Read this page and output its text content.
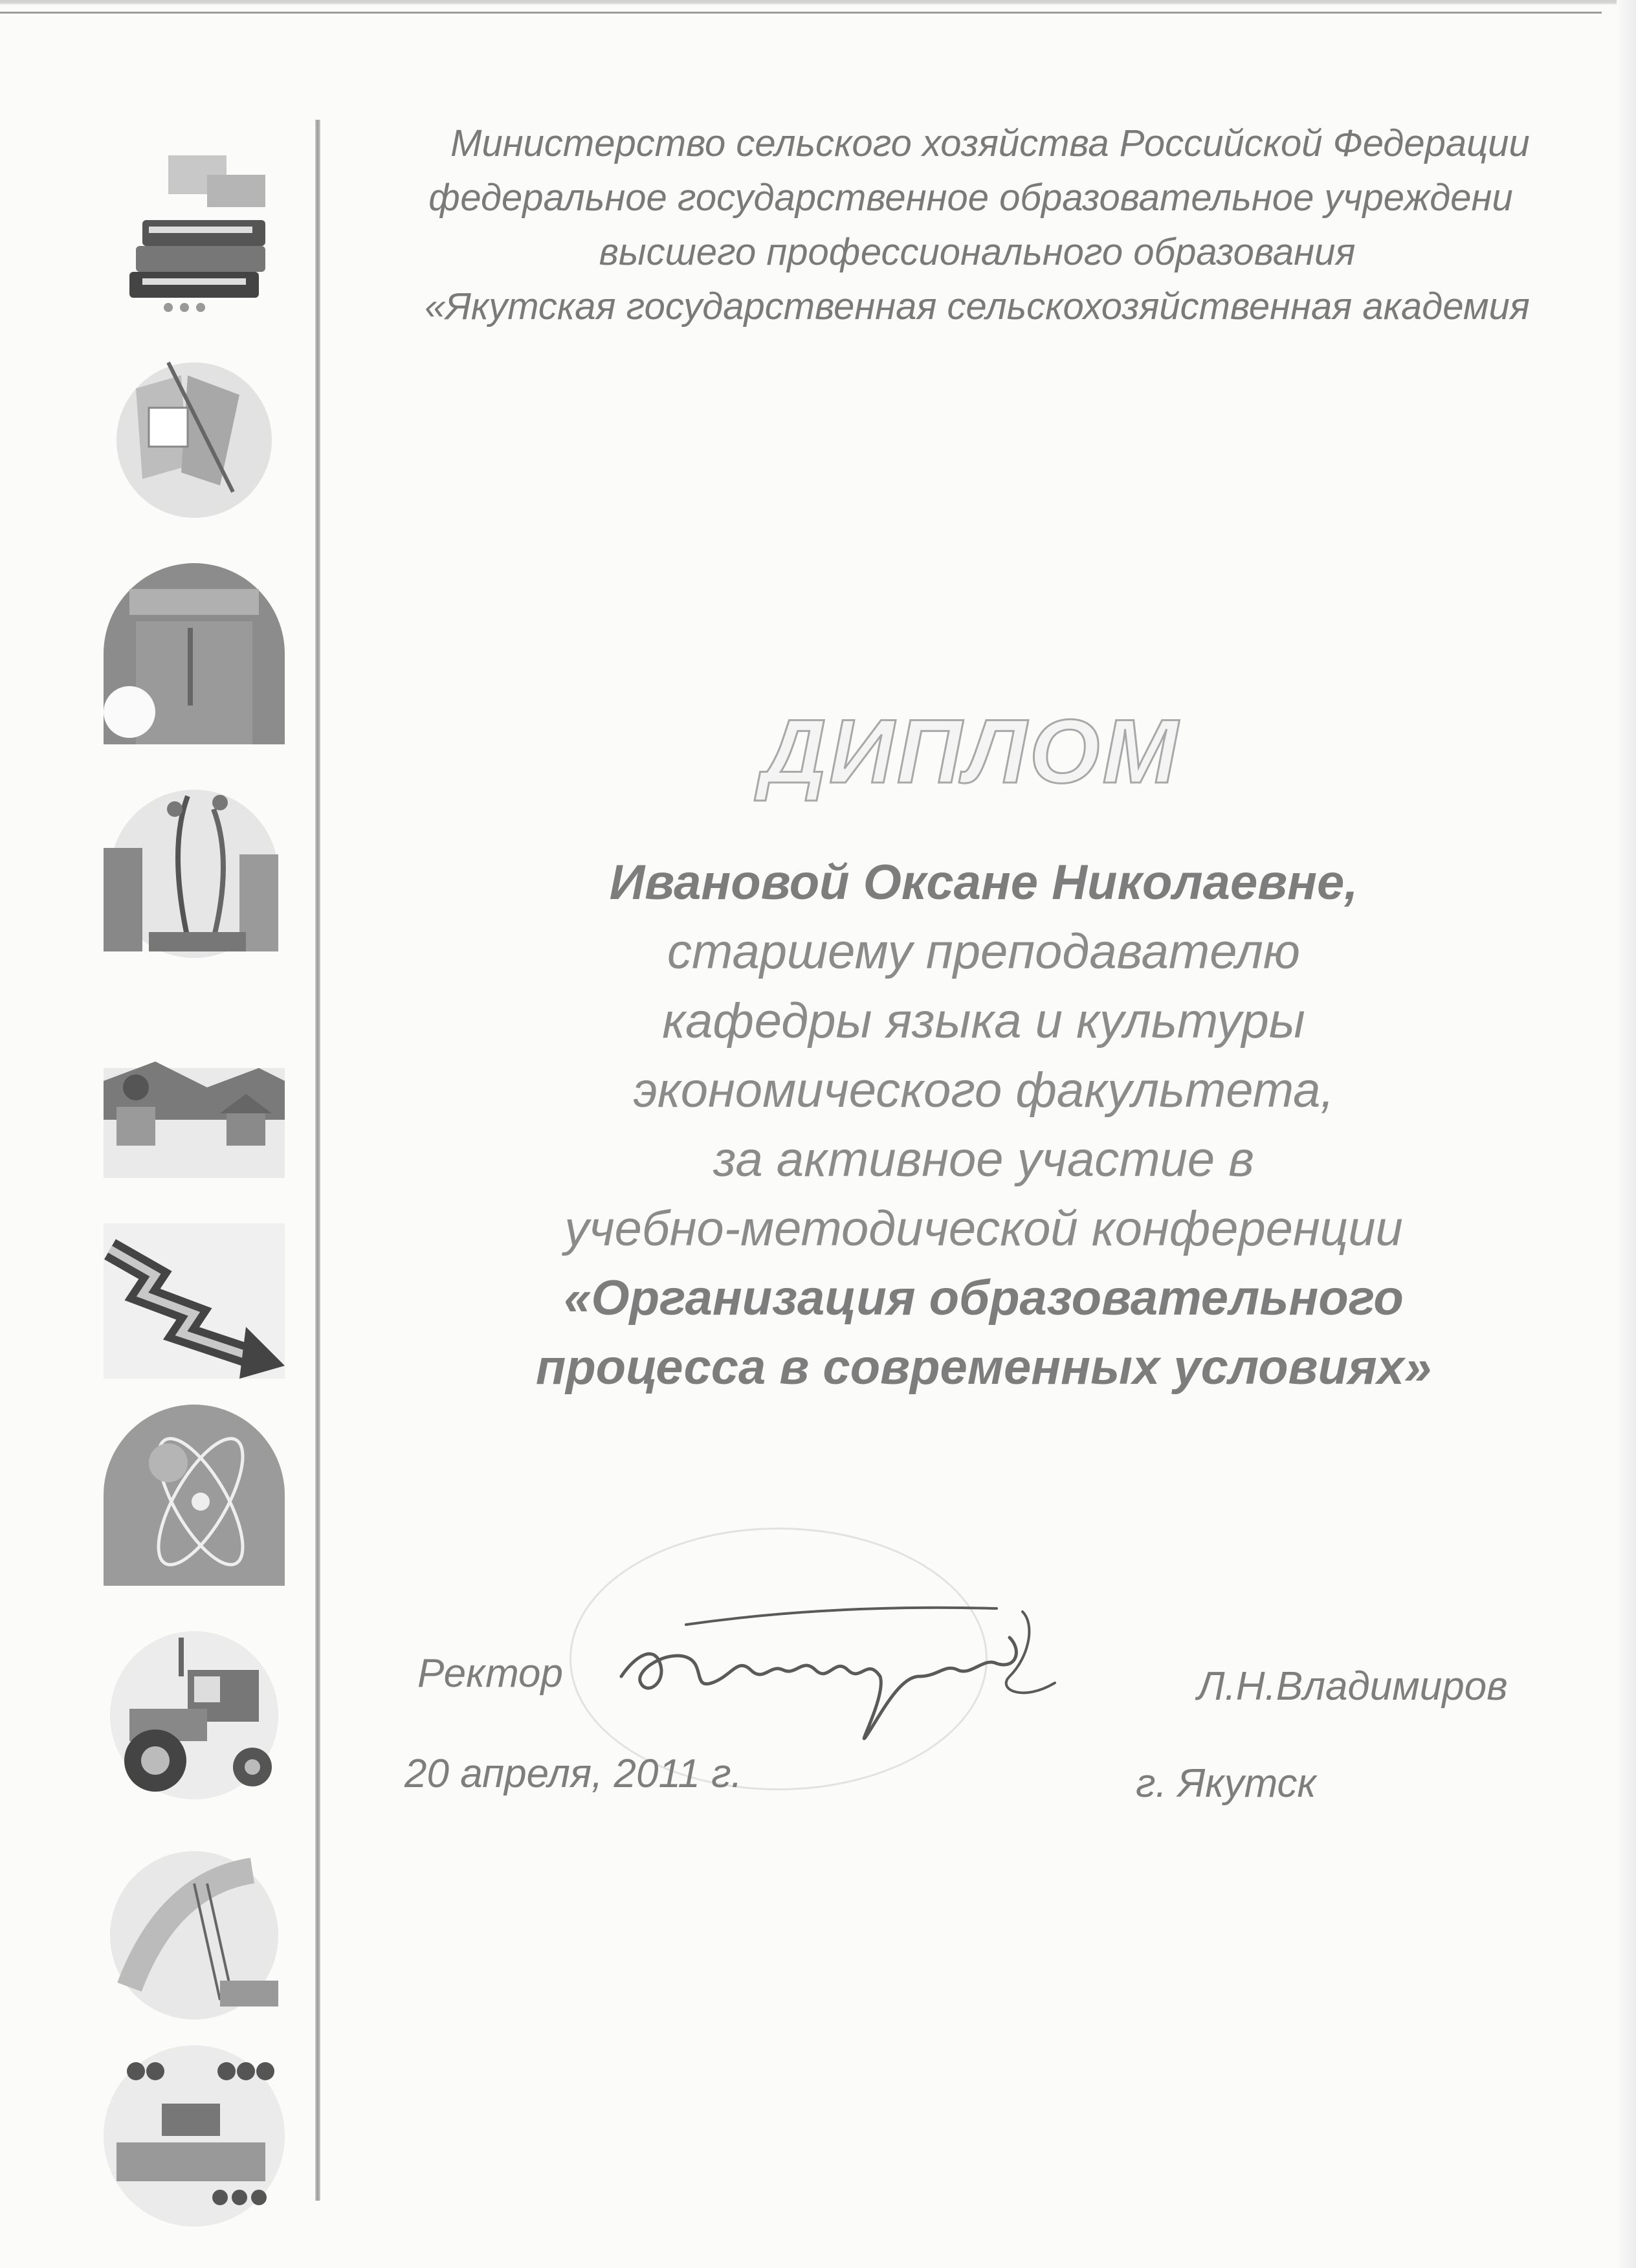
Министерство сельского хозяйства Российской Федерации
федеральное государственное образовательное учреждени
высшего профессионального образования
«Якутская государственная сельскохозяйственная академия
ДИПЛОМ
Ивановой Оксане Николаевне,
старшему преподавателю
кафедры языка и культуры
экономического факультета,
за активное участие в
учебно-методической конференции
«Организация образовательного
процесса в современных условиях»
Ректор	Л.Н.Владимиров
20 апреля, 2011 г.	г. Якутск
